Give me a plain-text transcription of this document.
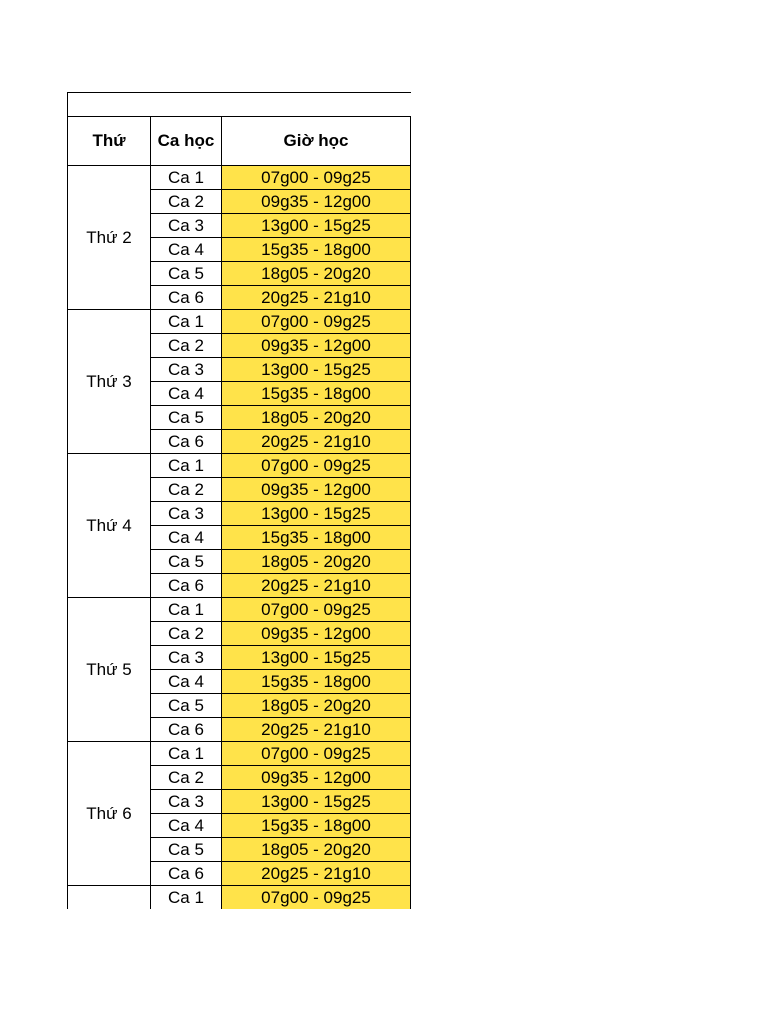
Thứ	Ca học	Giờ học
Thứ 2
Ca 1	07g00 - 09g25
Ca 2	09g35 - 12g00
Ca 3	13g00 - 15g25
Ca 4	15g35 - 18g00
Ca 5	18g05 - 20g20
Ca 6	20g25 - 21g10
Thứ 3
Ca 1	07g00 - 09g25
Ca 2	09g35 - 12g00
Ca 3	13g00 - 15g25
Ca 4	15g35 - 18g00
Ca 5	18g05 - 20g20
Ca 6	20g25 - 21g10
Thứ 4
Ca 1	07g00 - 09g25
Ca 2	09g35 - 12g00
Ca 3	13g00 - 15g25
Ca 4	15g35 - 18g00
Ca 5	18g05 - 20g20
Ca 6	20g25 - 21g10
Thứ 5
Ca 1	07g00 - 09g25
Ca 2	09g35 - 12g00
Ca 3	13g00 - 15g25
Ca 4	15g35 - 18g00
Ca 5	18g05 - 20g20
Ca 6	20g25 - 21g10
Thứ 6
Ca 1	07g00 - 09g25
Ca 2	09g35 - 12g00
Ca 3	13g00 - 15g25
Ca 4	15g35 - 18g00
Ca 5	18g05 - 20g20
Ca 6	20g25 - 21g10
Ca 1	07g00 - 09g25
